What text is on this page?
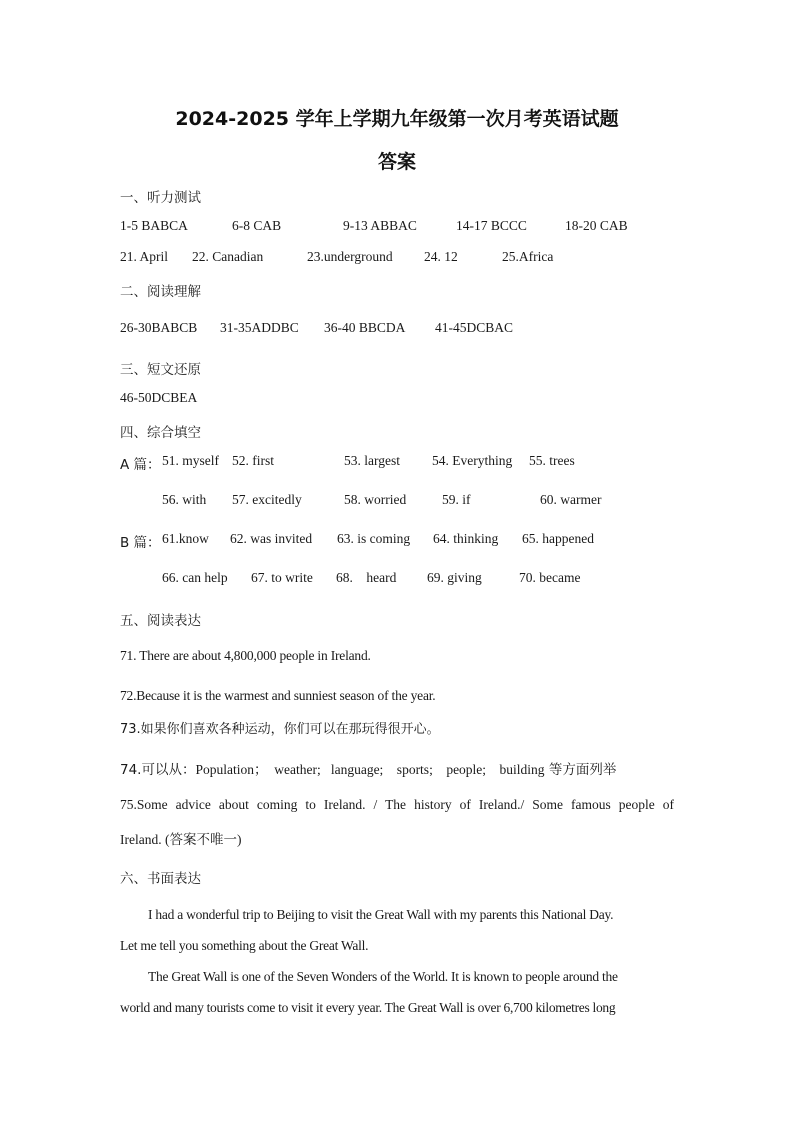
2024-2025 学年上学期九年级第一次月考英语试题
答案
一、听力测试
1-5 BABCA	6-8 CAB	9-13 ABBAC	14-17 BCCC	18-20 CAB
21. April 22. Canadian	23.underground 24. 12	25.Africa
二、阅读理解
26-30BABCB 31-35ADDBC 36-40 BBCDA 41-45DCBAC
三、短文还原
46-50DCBEA
四、综合填空
A 篇： 51. myself 52. first	53. largest 54. Everything 55. trees
56. with 57. excitedly	58. worried	59. if	60. warmer
B 篇： 61.know 62. was invited 63. is coming 64. thinking 65. happened
66. can help 67. to write 68.    heard 69. giving	70. became
五、阅读表达
71. There are about 4,800,000 people in Ireland.
72.Because it is the warmest and sunniest season of the year.
73.如果你们喜欢各种运动，你们可以在那玩得很开心。
74.可以从：Population；  weather;   language;    sports;    people;    building 等方面列举
75.Some advice about coming to Ireland. / The history of Ireland./ Some famous people of
Ireland. (答案不唯一)
六、书面表达
I had a wonderful trip to Beijing to visit the Great Wall with my parents this National Day.
Let me tell you something about the Great Wall.
The Great Wall is one of the Seven Wonders of the World. It is known to people around the
world and many tourists come to visit it every year. The Great Wall is over 6,700 kilometres long
